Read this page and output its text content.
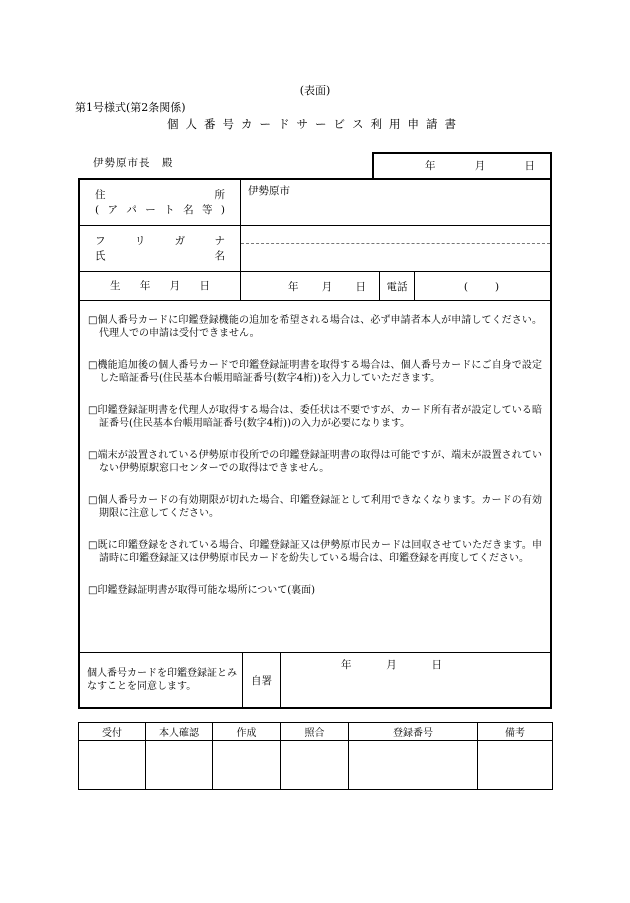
(表面)
第1号様式(第2条関係)
個人番号カードサービス利用申請書
伊勢原市長　殿	年	月	日
住	所
( ア パ ー ト 名 等 )
伊勢原市
フ	リ	ガ	ナ
氏	名
生 年 月 日	年 月 日	電話	(　　)

□個人番号カードに印鑑登録機能の追加を希望される場合は、必ず申請者本人が申請してください。代理人での申請は受付できません。

□機能追加後の個人番号カードで印鑑登録証明書を取得する場合は、個人番号カードにご自身で設定した暗証番号(住民基本台帳用暗証番号(数字4桁))を入力していただきます。

□印鑑登録証明書を代理人が取得する場合は、委任状は不要ですが、カード所有者が設定している暗証番号(住民基本台帳用暗証番号(数字4桁))の入力が必要になります。

□端末が設置されている伊勢原市役所での印鑑登録証明書の取得は可能ですが、端末が設置されていない伊勢原駅窓口センターでの取得はできません。

□個人番号カードの有効期限が切れた場合、印鑑登録証として利用できなくなります。カードの有効期限に注意してください。

□既に印鑑登録をされている場合、印鑑登録証又は伊勢原市民カードは回収させていただきます。申請時に印鑑登録証又は伊勢原市民カードを紛失している場合は、印鑑登録を再度してください。

□印鑑登録証明書が取得可能な場所について(裏面)

個人番号カードを印鑑登録証とみなすことを同意します。	自署
年	月	日
受付	本人確認	作成	照合	登録番号	備考
